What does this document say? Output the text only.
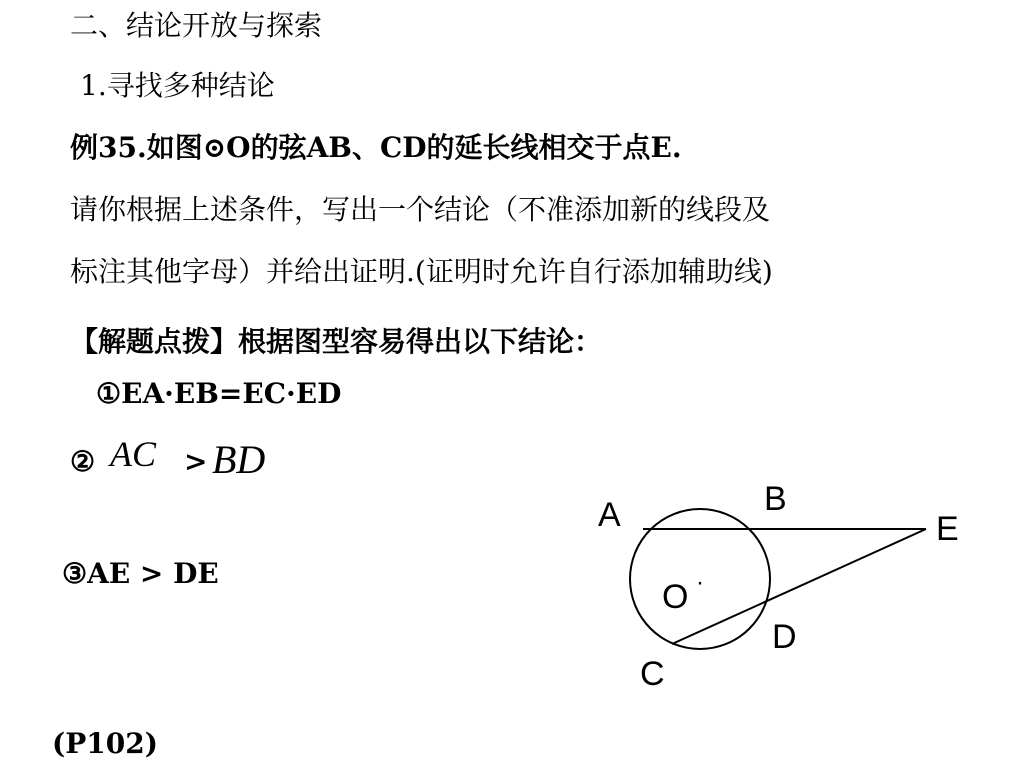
二、结论开放与探索
1.寻找多种结论
例35.如图⊙O的弦AB、CD的延长线相交于点E.
请你根据上述条件，写出一个结论（不准添加新的线段及
标注其他字母）并给出证明.(证明时允许自行添加辅助线)
【解题点拨】根据图型容易得出以下结论：
①EA·EB=EC·ED
② AC > BD
③AE > DE
(P102)
A	B
E
O ·
D
C
